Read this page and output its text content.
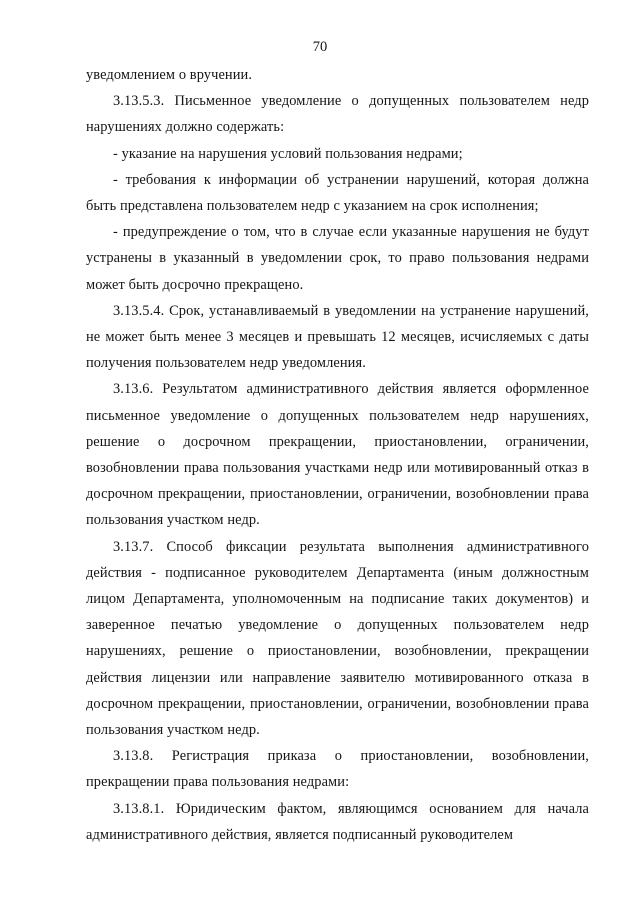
70

уведомлением о вручении.

3.13.5.3. Письменное уведомление о допущенных пользователем недр нарушениях должно содержать:

- указание на нарушения условий пользования недрами;

- требования к информации об устранении нарушений, которая должна быть представлена пользователем недр с указанием на срок исполнения;

- предупреждение о том, что в случае если указанные нарушения не будут устранены в указанный в уведомлении срок, то право пользования недрами может быть досрочно прекращено.

3.13.5.4. Срок, устанавливаемый в уведомлении на устранение нарушений, не может быть менее 3 месяцев и превышать 12 месяцев, исчисляемых с даты получения пользователем недр уведомления.

3.13.6. Результатом административного действия является оформленное письменное уведомление о допущенных пользователем недр нарушениях, решение о досрочном прекращении, приостановлении, ограничении, возобновлении права пользования участками недр или мотивированный отказ в досрочном прекращении, приостановлении, ограничении, возобновлении права пользования участком недр.

3.13.7. Способ фиксации результата выполнения административного действия - подписанное руководителем Департамента (иным должностным лицом Департамента, уполномоченным на подписание таких документов) и заверенное печатью уведомление о допущенных пользователем недр нарушениях, решение о приостановлении, возобновлении, прекращении действия лицензии или направление заявителю мотивированного отказа в досрочном прекращении, приостановлении, ограничении, возобновлении права пользования участком недр.

3.13.8. Регистрация приказа о приостановлении, возобновлении, прекращении права пользования недрами:

3.13.8.1. Юридическим фактом, являющимся основанием для начала административного действия, является подписанный руководителем
